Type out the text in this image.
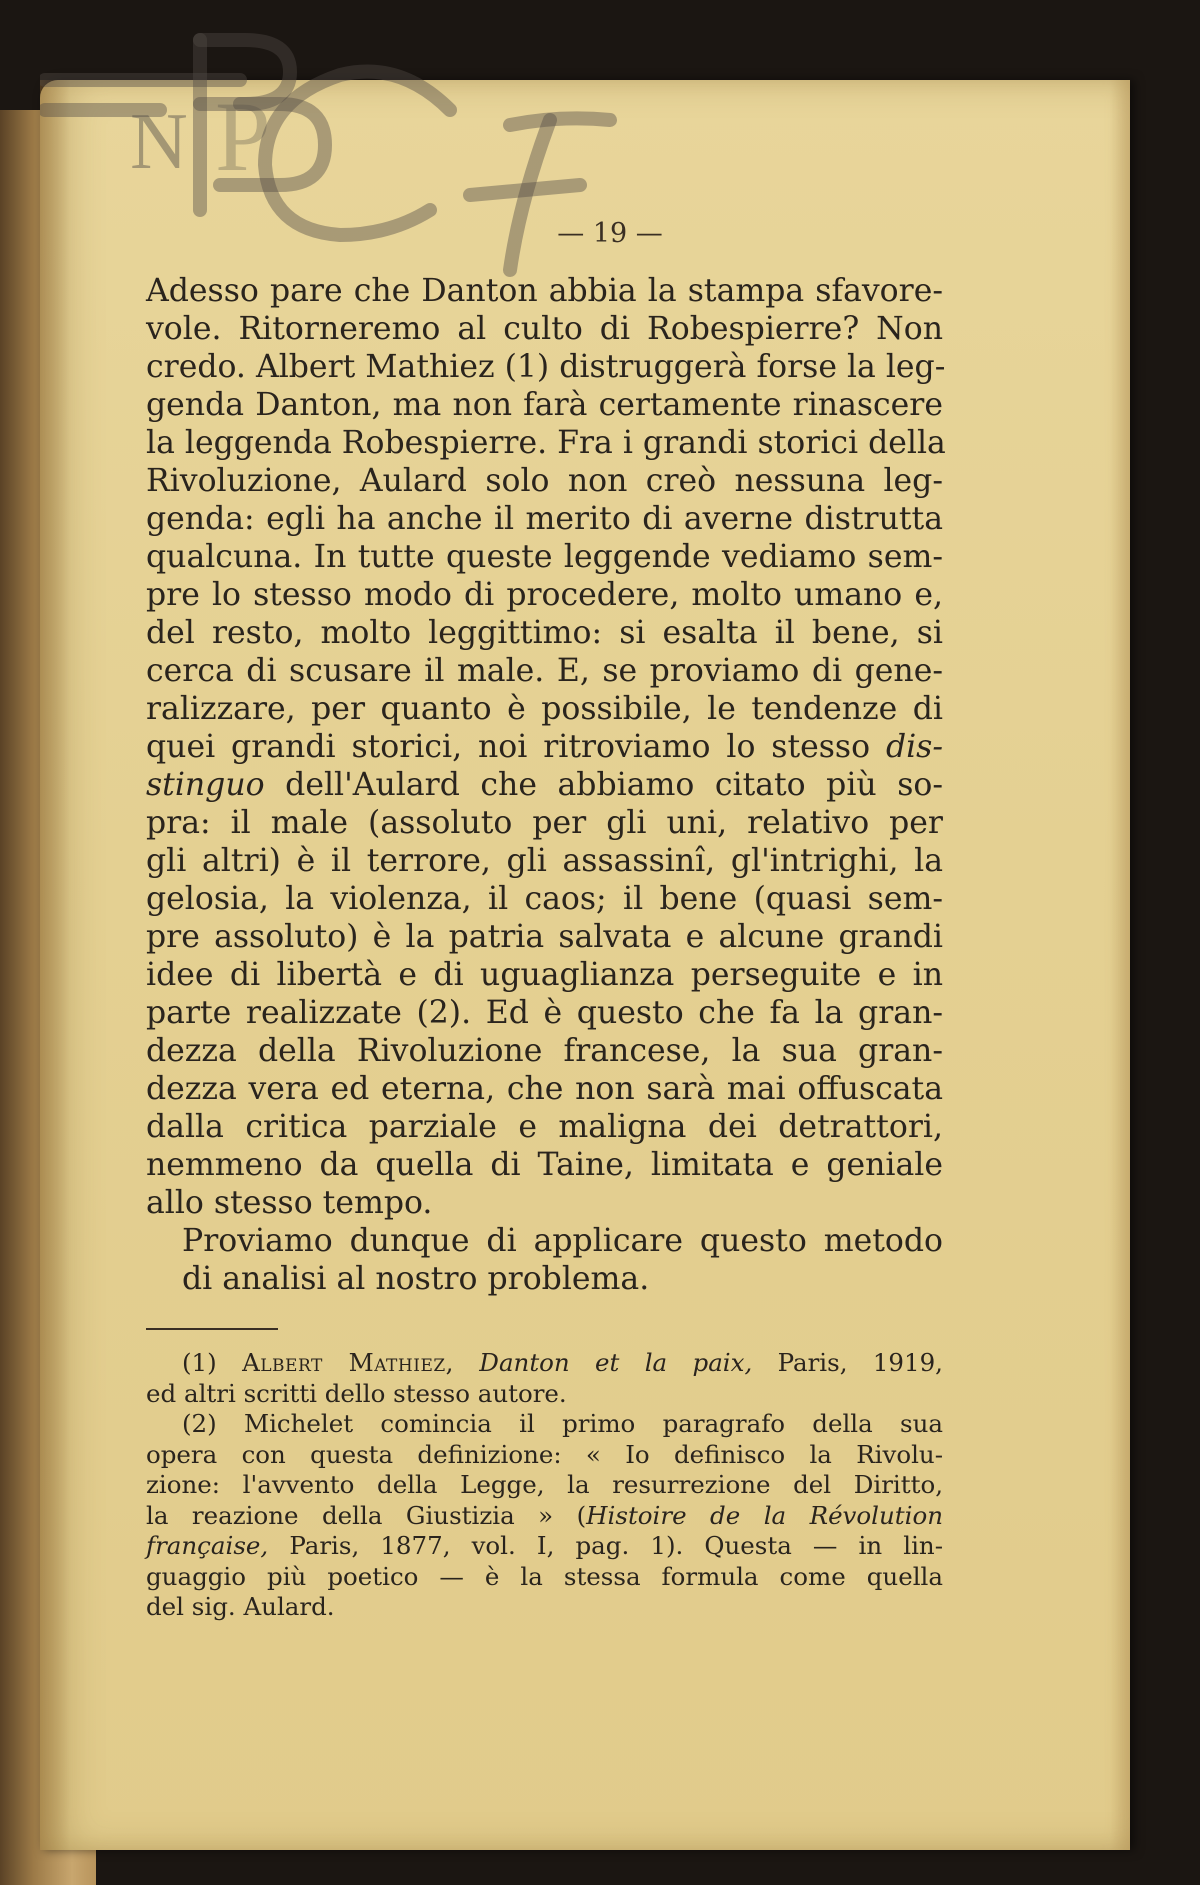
N P
— 19 —

Adesso pare che Danton abbia la stampa sfavore-
vole. Ritorneremo al culto di Robespierre? Non
credo. Albert Mathiez (1) distruggerà forse la leg-
genda Danton, ma non farà certamente rinascere
la leggenda Robespierre. Fra i grandi storici della
Rivoluzione, Aulard solo non creò nessuna leg-
genda: egli ha anche il merito di averne distrutta
qualcuna. In tutte queste leggende vediamo sem-
pre lo stesso modo di procedere, molto umano e,
del resto, molto leggittimo: si esalta il bene, si
cerca di scusare il male. E, se proviamo di gene-
ralizzare, per quanto è possibile, le tendenze di
quei grandi storici, noi ritroviamo lo stesso dis-
stinguo dell'Aulard che abbiamo citato più so-
pra: il male (assoluto per gli uni, relativo per
gli altri) è il terrore, gli assassinî, gl'intrighi, la
gelosia, la violenza, il caos; il bene (quasi sem-
pre assoluto) è la patria salvata e alcune grandi
idee di libertà e di uguaglianza perseguite e in
parte realizzate (2). Ed è questo che fa la gran-
dezza della Rivoluzione francese, la sua gran-
dezza vera ed eterna, che non sarà mai offuscata
dalla critica parziale e maligna dei detrattori,
nemmeno da quella di Taine, limitata e geniale
allo stesso tempo.

Proviamo dunque di applicare questo metodo
di analisi al nostro problema.

(1) Albert Mathiez, Danton et la paix, Paris, 1919,
ed altri scritti dello stesso autore.

(2) Michelet comincia il primo paragrafo della sua
opera con questa definizione: « Io definisco la Rivolu-
zione: l'avvento della Legge, la resurrezione del Diritto,
la reazione della Giustizia » (Histoire de la Révolution
française, Paris, 1877, vol. I, pag. 1). Questa — in lin-
guaggio più poetico — è la stessa formula come quella
del sig. Aulard.
